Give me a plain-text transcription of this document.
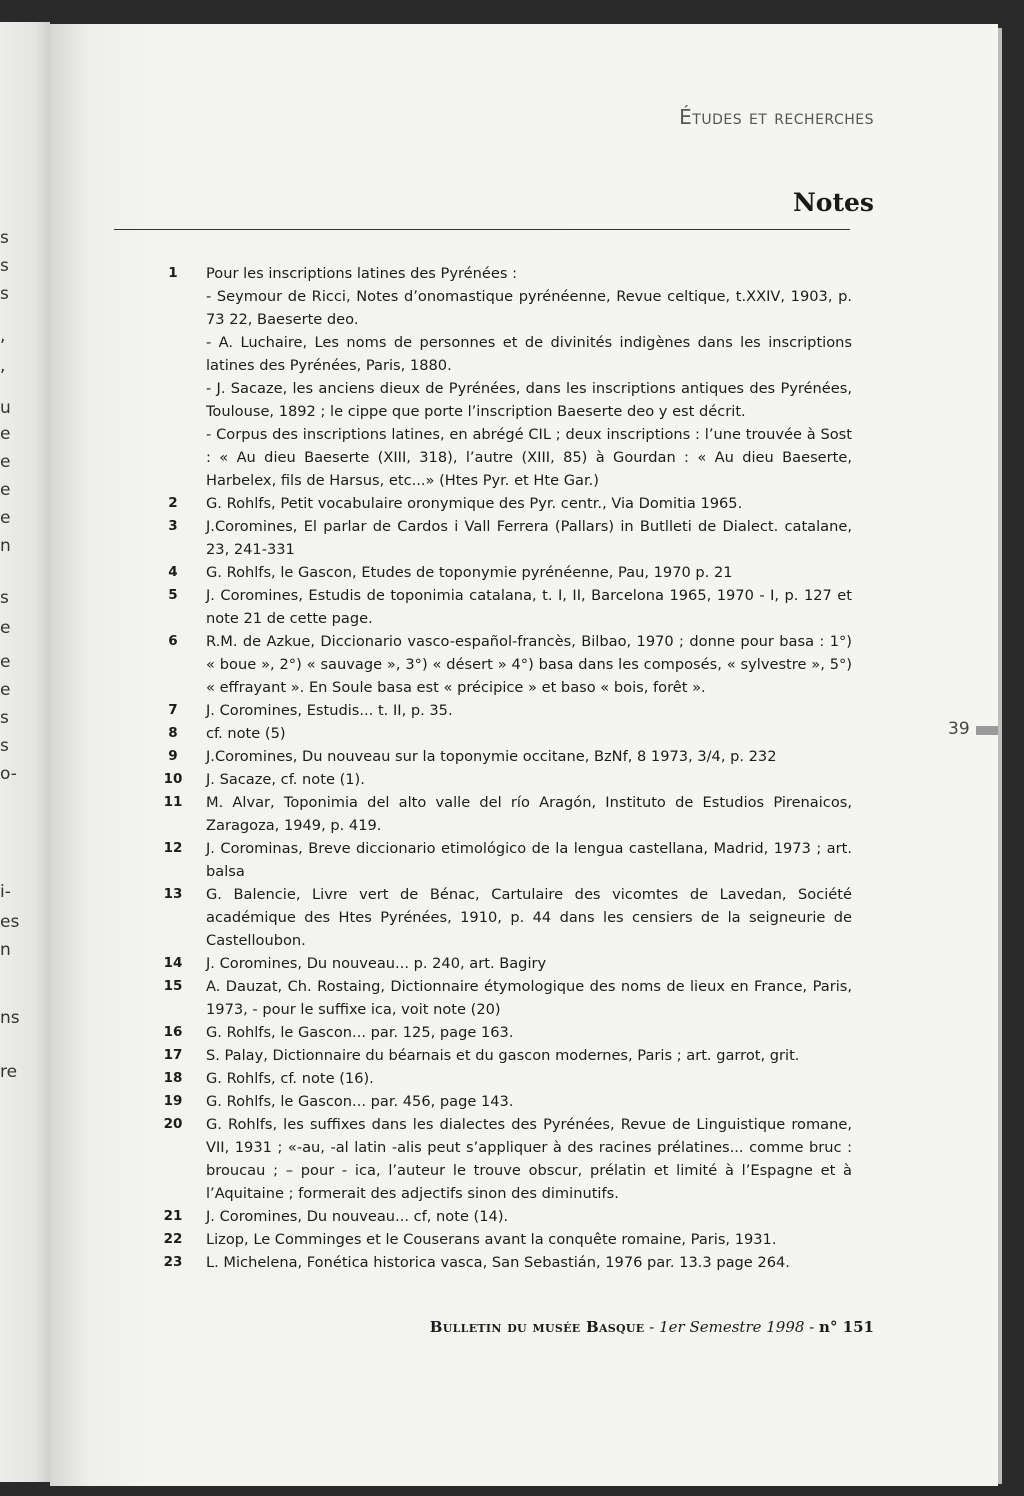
s
s
s
,
,
u
e
e
e
e
n
s
e
e
e
s
s
o-
i-
es
n
ns
re
Études et recherches
Notes
1	Pour les inscriptions latines des Pyrénées :
- Seymour de Ricci, Notes d’onomastique pyrénéenne, Revue celtique, t.XXIV, 1903, p. 73 22, Baeserte deo.
- A. Luchaire, Les noms de personnes et de divinités indigènes dans les inscriptions latines des Pyrénées, Paris, 1880.
- J. Sacaze, les anciens dieux de Pyrénées, dans les inscriptions antiques des Pyrénées, Toulouse, 1892 ; le cippe que porte l’inscription Baeserte deo y est décrit.
- Corpus des inscriptions latines, en abrégé CIL ; deux inscriptions : l’une trouvée à Sost : « Au dieu Baeserte (XIII, 318), l’autre (XIII, 85) à Gourdan : « Au dieu Baeserte, Harbelex, fils de Harsus, etc...» (Htes Pyr. et Hte Gar.)
2	G. Rohlfs, Petit vocabulaire oronymique des Pyr. centr., Via Domitia 1965.
3	J.Coromines, El parlar de Cardos i Vall Ferrera (Pallars) in Butlleti de Dialect. catalane, 23, 241-331
4	G. Rohlfs, le Gascon, Etudes de toponymie pyrénéenne, Pau, 1970 p. 21
5	J. Coromines, Estudis de toponimia catalana, t. I, II, Barcelona 1965, 1970 - I, p. 127 et note 21 de cette page.
6	R.M. de Azkue, Diccionario vasco-español-francès, Bilbao, 1970 ; donne pour basa : 1°) « boue », 2°) « sauvage », 3°) « désert » 4°) basa dans les composés, « sylvestre », 5°) « effrayant ». En Soule basa est « précipice » et baso « bois, forêt ».
7	J. Coromines, Estudis... t. II, p. 35.
8	cf. note (5)
9	J.Coromines, Du nouveau sur la toponymie occitane, BzNf, 8 1973, 3/4, p. 232
10	J. Sacaze, cf. note (1).
11	M. Alvar, Toponimia del alto valle del río Aragón, Instituto de Estudios Pirenaicos, Zaragoza, 1949, p. 419.
12	J. Corominas, Breve diccionario etimológico de la lengua castellana, Madrid, 1973 ; art. balsa
13	G. Balencie, Livre vert de Bénac, Cartulaire des vicomtes de Lavedan, Société académique des Htes Pyrénées, 1910, p. 44 dans les censiers de la seigneurie de Castelloubon.
14	J. Coromines, Du nouveau... p. 240, art. Bagiry
15	A. Dauzat, Ch. Rostaing, Dictionnaire étymologique des noms de lieux en France, Paris, 1973, - pour le suffixe ica, voit note (20)
16	G. Rohlfs, le Gascon... par. 125, page 163.
17	S. Palay, Dictionnaire du béarnais et du gascon modernes, Paris ; art. garrot, grit.
18	G. Rohlfs, cf. note (16).
19	G. Rohlfs, le Gascon... par. 456, page 143.
20	G. Rohlfs, les suffixes dans les dialectes des Pyrénées, Revue de Linguistique romane, VII, 1931 ; «-au, -al latin -alis peut s’appliquer à des racines prélatines... comme bruc : broucau ; – pour - ica, l’auteur le trouve obscur, prélatin et limité à l’Espagne et à l’Aquitaine ; formerait des adjectifs sinon des diminutifs.
21	J. Coromines, Du nouveau... cf, note (14).
22	Lizop, Le Comminges et le Couserans avant la conquête romaine, Paris, 1931.
23	L. Michelena, Fonética historica vasca, San Sebastián, 1976 par. 13.3 page 264.
39
Bulletin du musée Basque - 1er Semestre 1998 - n° 151
